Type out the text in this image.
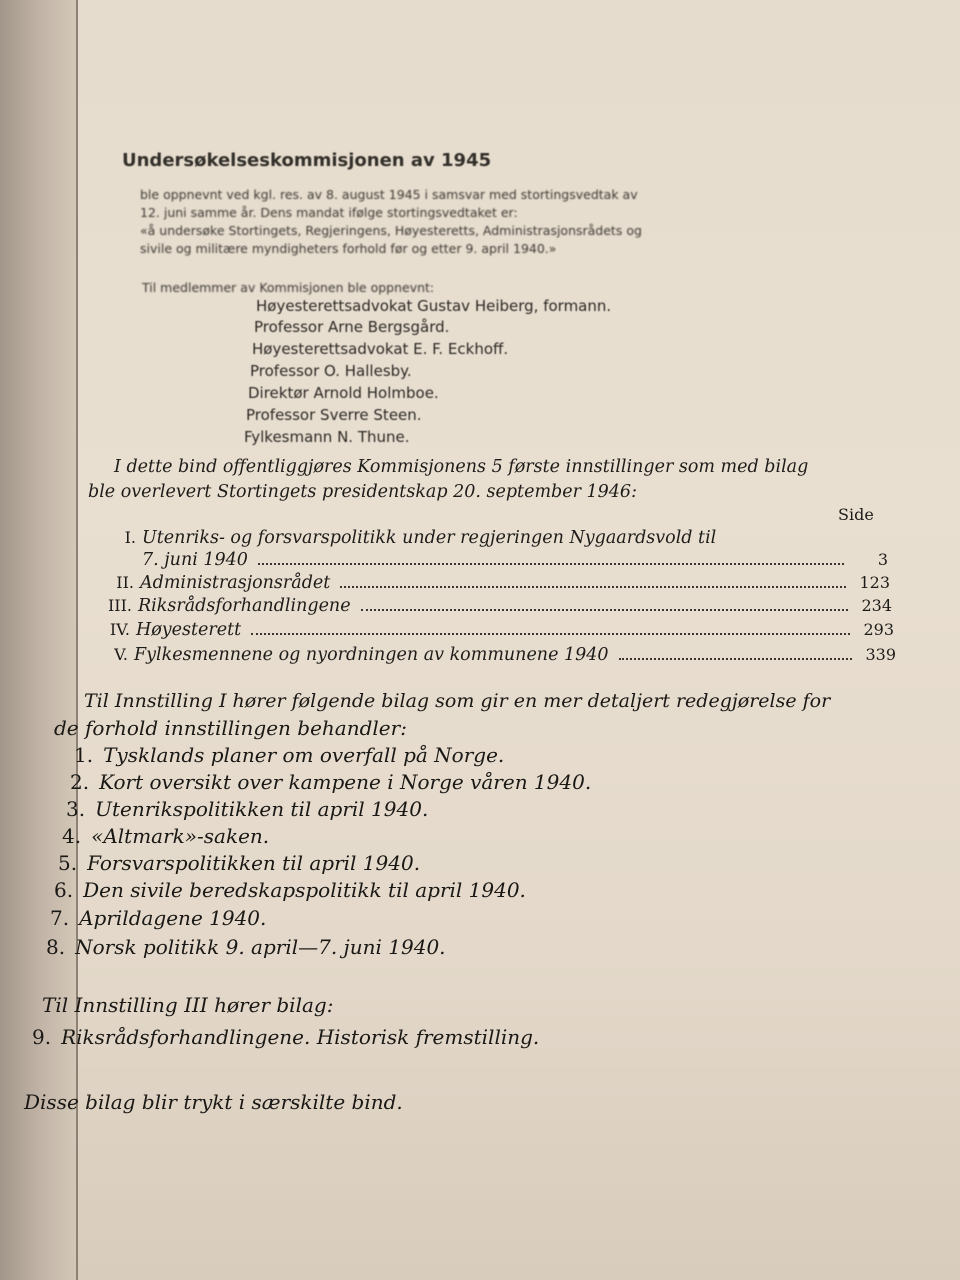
Undersøkelseskommisjonen av 1945

ble oppnevnt ved kgl. res. av 8. august 1945 i samsvar med stortingsvedtak av

12. juni samme år. Dens mandat ifølge stortingsvedtaket er:

«å undersøke Stortingets, Regjeringens, Høyesteretts, Administrasjonsrådets og

sivile og militære myndigheters forhold før og etter 9. april 1940.»

Til medlemmer av Kommisjonen ble oppnevnt:

Høyesterettsadvokat Gustav Heiberg, formann.

Professor Arne Bergsgård.

Høyesterettsadvokat E. F. Eckhoff.

Professor O. Hallesby.

Direktør Arnold Holmboe.

Professor Sverre Steen.

Fylkesmann N. Thune.

I dette bind offentliggjøres Kommisjonens 5 første innstillinger som med bilag

ble overlevert Stortingets presidentskap 20. september 1946:

Side

I. Utenriks- og forsvarspolitikk under regjeringen Nygaardsvold til
7. juni 1940	3
II. Administrasjonsrådet	123
III. Riksrådsforhandlingene	234
IV. Høyesterett	293
V. Fylkesmennene og nyordningen av kommunene 1940	339

Til Innstilling I hører følgende bilag som gir en mer detaljert redegjørelse for

de forhold innstillingen behandler:

1. Tysklands planer om overfall på Norge.

2. Kort oversikt over kampene i Norge våren 1940.

3. Utenrikspolitikken til april 1940.

4. «Altmark»-saken.

5. Forsvarspolitikken til april 1940.

6. Den sivile beredskapspolitikk til april 1940.

7. Aprildagene 1940.

8. Norsk politikk 9. april—7. juni 1940.

Til Innstilling III hører bilag:

9. Riksrådsforhandlingene. Historisk fremstilling.

Disse bilag blir trykt i særskilte bind.
